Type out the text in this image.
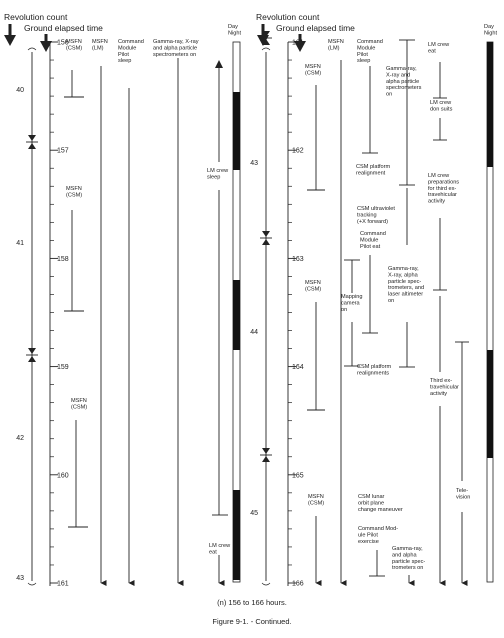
Revolution count
Ground elapsed time
40
41
42
43
156
157
158
159
160
161
MSFN (CSM)
MSFN (LM)
Command Module Pilot sleep
Gamma-ray, X-ray and alpha particle spectrometers on
Day Night
MSFN (CSM)
MSFN (CSM)
LM crew sleep
LM crew eat
Revolution count
Ground elapsed time
43
44
45
161
162
163
164
165
166
MSFN (CSM)
MSFN (LM)
Command Module Pilot sleep
Gamma-ray, X-ray and alpha particle spectrometers on
LM crew eat
LM crew don suits
LM crew preparations for third ex-travehicular activity
CSM platform realignment
CSM ultraviolet tracking (+X forward)
Command Module Pilot eat
Gamma-ray, X-ray, alpha particle spec-trometers, and laser altimeter on
MSFN (CSM)
Mapping camera on
CSM platform realignments
Third ex-travehicular activity
Tele-vision
MSFN (CSM)
CSM lunar orbit plane change maneuver
Command Mod-ule Pilot exercise
Gamma-ray, and alpha particle spec-trometers on
Day Night
(n) 156 to 166 hours.
Figure 9-1. - Continued.
